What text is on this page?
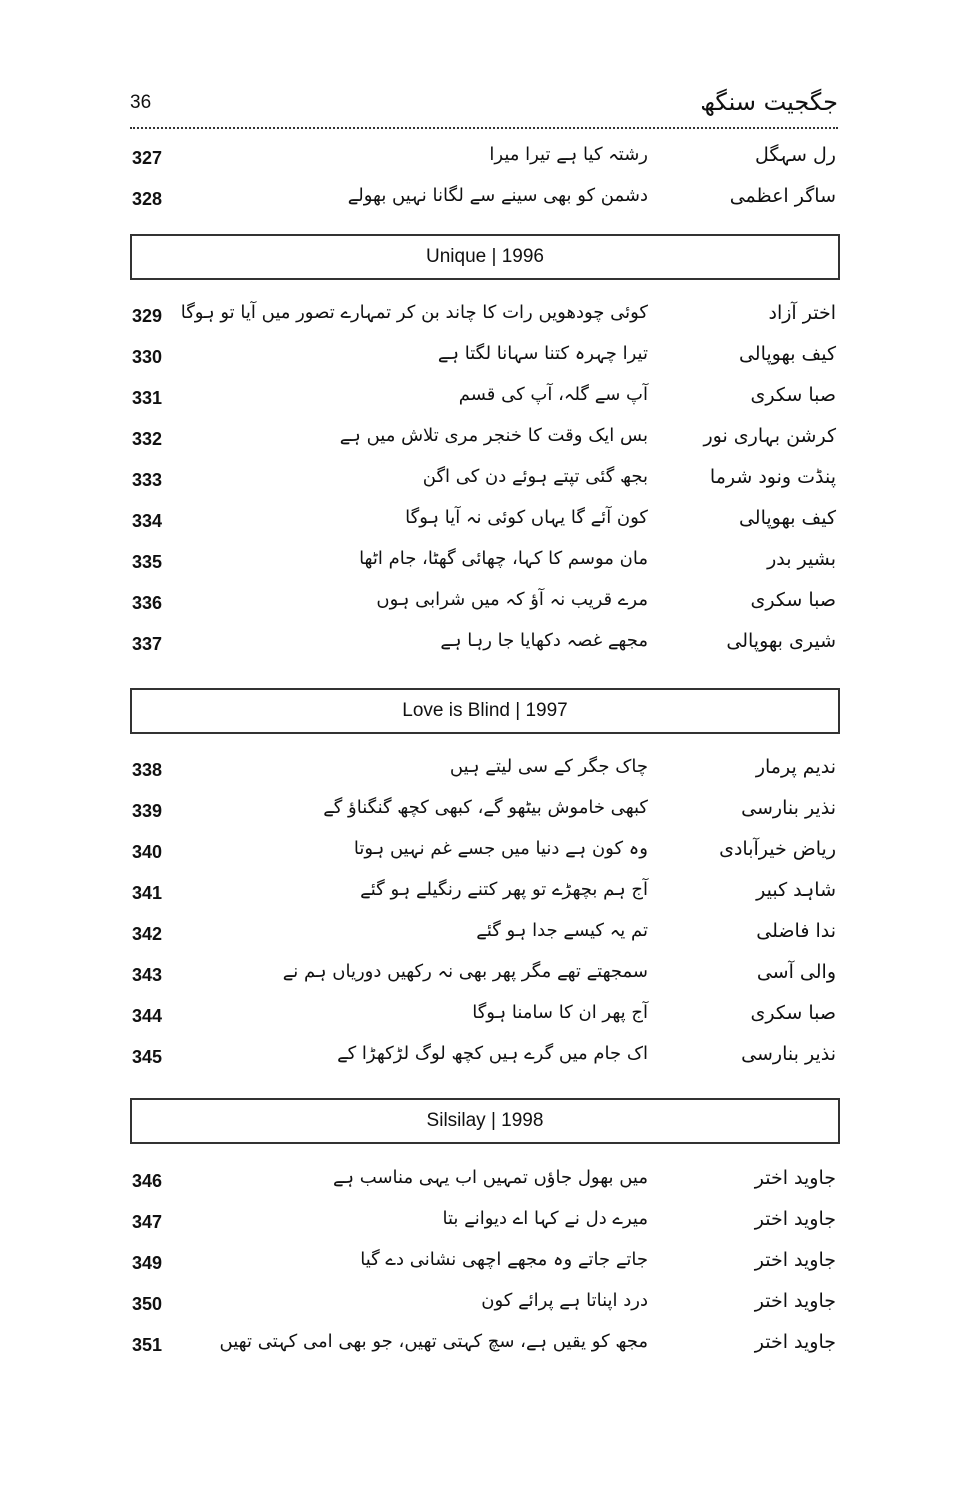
36	جگجیت سنگھ
327	رشتہ کیا ہے تیرا میرا	رل سہگل
328	دشمن کو بھی سینے سے لگانا نہیں بھولے	ساگر اعظمی
Unique | 1996
329 کوئی چودھویں رات کا چاند بن کر تمہارے تصور میں آیا تو ہوگا	اختر آزاد
330	تیرا چہرہ کتنا سہانا لگتا ہے	کیف بھوپالی
331	آپ سے گلہ، آپ کی قسم	صبا سکری
332	بس ایک وقت کا خنجر مری تلاش میں ہے	کرشن بہاری نور
333	بجھ گئی تپتے ہوئے دن کی اگن	پنڈت ونود شرما
334	کون آئے گا یہاں کوئی نہ آیا ہوگا	کیف بھوپالی
335	مان موسم کا کہا، چھائی گھٹا، جام اٹھا	بشیر بدر
336	مرے قریب نہ آؤ کہ میں شرابی ہوں	صبا سکری
337	مجھے غصہ دکھایا جا رہا ہے	شیری بھوپالی
Love is Blind | 1997
338	چاک جگر کے سی لیتے ہیں	ندیم پرمار
339	کبھی خاموش بیٹھو گے، کبھی کچھ گنگناؤ گے	نذیر بنارسی
340	وہ کون ہے دنیا میں جسے غم نہیں ہوتا	ریاض خیرآبادی
341	آج ہم بچھڑے تو پھر کتنے رنگیلے ہو گئے	شاہد کبیر
342	تم یہ کیسے جدا ہو گئے	ندا فاضلی
343	سمجھتے تھے مگر پھر بھی نہ رکھیں دوریاں ہم نے	والی آسی
344	آج پھر ان کا سامنا ہوگا	صبا سکری
345	اک جام میں گرے ہیں کچھ لوگ لڑکھڑا کے	نذیر بنارسی
Silsilay | 1998
346	میں بھول جاؤں تمہیں اب یہی مناسب ہے	جاوید اختر
347	میرے دل نے کہا اے دیوانے بتا	جاوید اختر
349	جاتے جاتے وہ مجھے اچھی نشانی دے گیا	جاوید اختر
350	درد اپناتا ہے پرائے کون	جاوید اختر
351	مجھ کو یقیں ہے، سچ کہتی تھیں، جو بھی امی کہتی تھیں	جاوید اختر
